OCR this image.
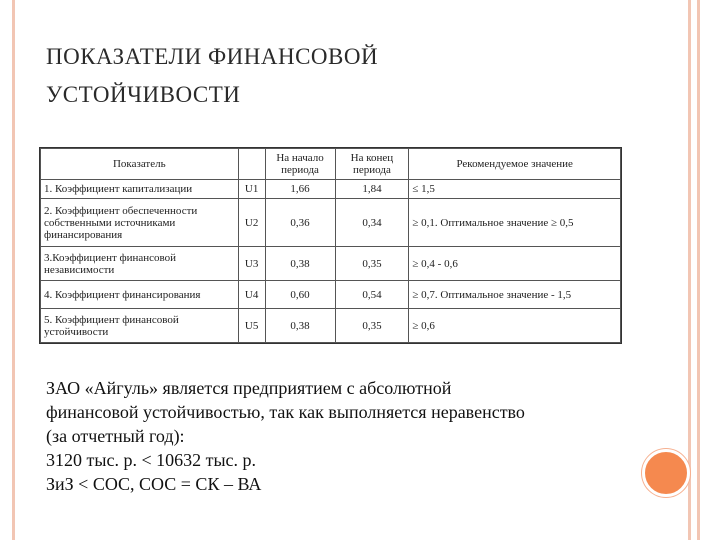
ПОКАЗАТЕЛИ ФИНАНСОВОЙ
УСТОЙЧИВОСТИ
Показатель		На начало периода	На конец периода	Рекомендуемое значение
1. Коэффициент капитализации	U1	1,66	1,84	≤ 1,5
2. Коэффициент обеспеченности собственными источниками финансирования	U2	0,36	0,34	≥ 0,1. Оптимальное значение ≥ 0,5
3.Коэффициент финансовой независимости	U3	0,38	0,35	≥ 0,4 - 0,6
4. Коэффициент финансирования	U4	0,60	0,54	≥ 0,7. Оптимальное значение - 1,5
5. Коэффициент финансовой устойчивости	U5	0,38	0,35	≥ 0,6
ЗАО «Айгуль» является предприятием с абсолютной
финансовой устойчивостью, так как выполняется неравенство
(за отчетный год):
3120 тыс. р. < 10632 тыс. р.
ЗиЗ < СОС, СОС = СК – ВА
